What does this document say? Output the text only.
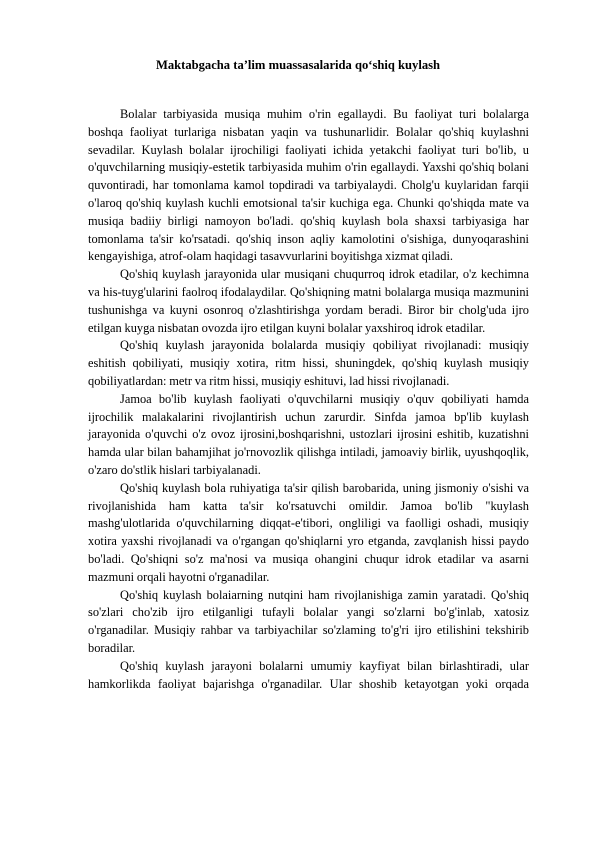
Maktabgacha ta’lim muassasalarida qo‘shiq kuylash

Bolalar tarbiyasida musiqa muhim o'rin egallaydi. Bu faoliyat turi bolalarga boshqa faoliyat turlariga nisbatan yaqin va tushunarlidir. Bolalar qo'shiq kuylashni sevadilar. Kuylash bolalar ijrochiligi faoliyati ichida yetakchi faoliyat turi bo'lib, u o'quvchilarning musiqiy-estetik tarbiyasida muhim o'rin egallaydi. Yaxshi qo'shiq bolani quvontiradi, har tomonlama kamol topdiradi va tarbiyalaydi. Cholg'u kuylaridan farqii o'laroq qo'shiq kuylash kuchli emotsional ta'sir kuchiga ega. Chunki qo'shiqda mate va musiqa badiiy birligi namoyon bo'ladi. qo'shiq kuylash bola shaxsi tarbiyasiga har tomonlama ta'sir ko'rsatadi. qo'shiq inson aqliy kamolotini o'sishiga, dunyoqarashini kengayishiga, atrof-olam haqidagi tasavvurlarini boyitishga xizmat qiladi.

Qo'shiq kuylash jarayonida ular musiqani chuqurroq idrok etadilar, o'z kechimna va his-tuyg'ularini faolroq ifodalaydilar. Qo'shiqning matni bolalarga musiqa mazmunini tushunishga va kuyni osonroq o'zlashtirishga yordam beradi. Biror bir cholg'uda ijro etilgan kuyga nisbatan ovozda ijro etilgan kuyni bolalar yaxshiroq idrok etadilar.

Qo'shiq kuylash jarayonida bolalarda musiqiy qobiliyat rivojlanadi: musiqiy eshitish qobiliyati, musiqiy xotira, ritm hissi, shuningdek, qo'shiq kuylash musiqiy qobiliyatlardan: metr va ritm hissi, musiqiy eshituvi, lad hissi rivojlanadi.

Jamoa bo'lib kuylash faoliyati o'quvchilarni musiqiy o'quv qobiliyati hamda ijrochilik malakalarini rivojlantirish uchun zarurdir. Sinfda jamoa bp'lib kuylash jarayonida o'quvchi o'z ovoz ijrosini,boshqarishni, ustozlari ijrosini eshitib, kuzatishni hamda ular bilan bahamjihat jo'rnovozlik qilishga intiladi, jamoaviy birlik, uyushqoqlik, o'zaro do'stlik hislari tarbiyalanadi.

Qo'shiq kuylash bola ruhiyatiga ta'sir qilish barobarida, uning jismoniy o'sishi va rivojlanishida ham katta ta'sir ko'rsatuvchi omildir. Jamoa bo'lib "kuylash mashg'ulotlarida o'quvchilarning diqqat-e'tibori, ongliligi va faolligi oshadi, musiqiy xotira yaxshi rivojlanadi va o'rgangan qo'shiqlarni yro etganda, zavqlanish hissi paydo bo'ladi. Qo'shiqni so'z ma'nosi va musiqa ohangini chuqur idrok etadilar va asarni mazmuni orqali hayotni o'rganadilar.

Qo'shiq kuylash bolaiarning nutqini ham rivojlanishiga zamin yaratadi. Qo'shiq so'zlari cho'zib ijro etilganligi tufayli bolalar yangi so'zlarni bo'g'inlab, xatosiz o'rganadilar. Musiqiy rahbar va tarbiyachilar so'zlaming to'g'ri ijro etilishini tekshirib boradilar.

Qo'shiq kuylash jarayoni bolalarni umumiy kayfiyat bilan birlashtiradi, ular hamkorlikda faoliyat bajarishga o'rganadilar. Ular shoshib ketayotgan yoki orqada
